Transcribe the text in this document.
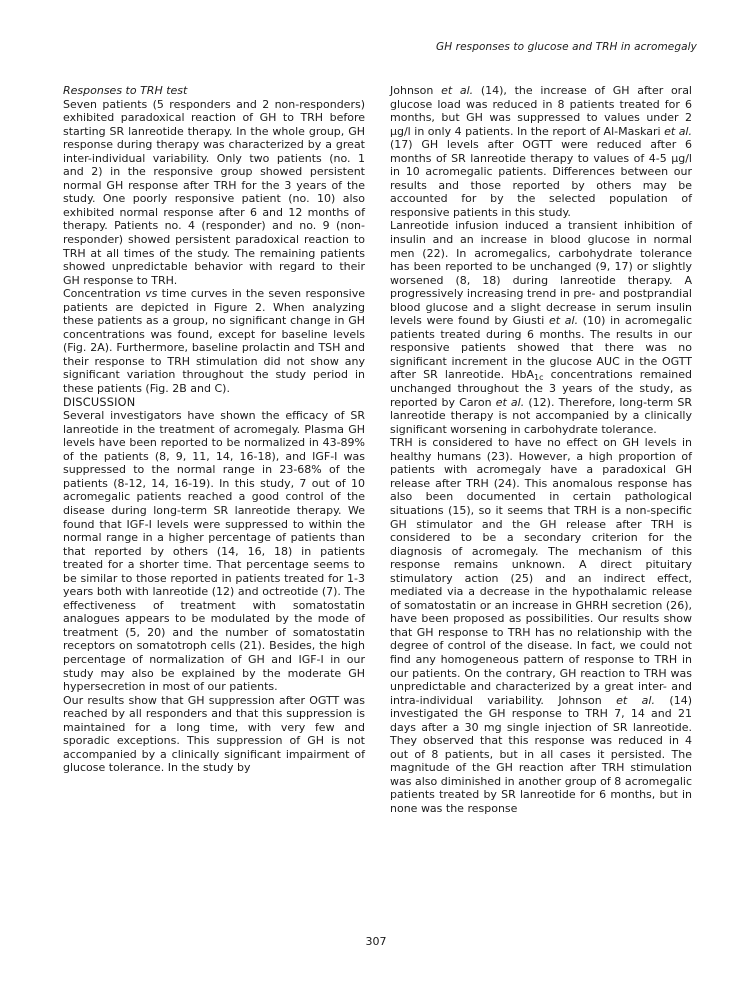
GH responses to glucose and TRH in acromegaly

Responses to TRH test

Seven patients (5 responders and 2 non-responders) exhibited paradoxical reaction of GH to TRH before starting SR lanreotide therapy. In the whole group, GH response during therapy was characterized by a great inter-individual variability. Only two patients (no. 1 and 2) in the responsive group showed persistent normal GH response after TRH for the 3 years of the study. One poorly responsive patient (no. 10) also exhibited normal response after 6 and 12 months of therapy. Patients no. 4 (responder) and no. 9 (non-responder) showed persistent paradoxical reaction to TRH at all times of the study. The remaining patients showed unpredictable behavior with regard to their GH response to TRH.

Concentration vs time curves in the seven responsive patients are depicted in Figure 2. When analyzing these patients as a group, no significant change in GH concentrations was found, except for baseline levels (Fig. 2A). Furthermore, baseline prolactin and TSH and their response to TRH stimulation did not show any significant variation throughout the study period in these patients (Fig. 2B and C).

DISCUSSION

Several investigators have shown the efficacy of SR lanreotide in the treatment of acromegaly. Plasma GH levels have been reported to be normalized in 43-89% of the patients (8, 9, 11, 14, 16-18), and IGF-I was suppressed to the normal range in 23-68% of the patients (8-12, 14, 16-19). In this study, 7 out of 10 acromegalic patients reached a good control of the disease during long-term SR lanreotide therapy. We found that IGF-I levels were suppressed to within the normal range in a higher percentage of patients than that reported by others (14, 16, 18) in patients treated for a shorter time. That percentage seems to be similar to those reported in patients treated for 1-3 years both with lanreotide (12) and octreotide (7). The effectiveness of treatment with somatostatin analogues appears to be modulated by the mode of treatment (5, 20) and the number of somatostatin receptors on somatotroph cells (21). Besides, the high percentage of normalization of GH and IGF-I in our study may also be explained by the moderate GH hypersecretion in most of our patients.

Our results show that GH suppression after OGTT was reached by all responders and that this suppression is maintained for a long time, with very few and sporadic exceptions. This suppression of GH is not accompanied by a clinically significant impairment of glucose tolerance. In the study by

Johnson et al. (14), the increase of GH after oral glucose load was reduced in 8 patients treated for 6 months, but GH was suppressed to values under 2 µg/l in only 4 patients. In the report of Al-Maskari et al. (17) GH levels after OGTT were reduced after 6 months of SR lanreotide therapy to values of 4-5 µg/l in 10 acromegalic patients. Differences between our results and those reported by others may be accounted for by the selected population of responsive patients in this study.

Lanreotide infusion induced a transient inhibition of insulin and an increase in blood glucose in normal men (22). In acromegalics, carbohydrate tolerance has been reported to be unchanged (9, 17) or slightly worsened (8, 18) during lanreotide therapy. A progressively increasing trend in pre- and postprandial blood glucose and a slight decrease in serum insulin levels were found by Giusti et al. (10) in acromegalic patients treated during 6 months. The results in our responsive patients showed that there was no significant increment in the glucose AUC in the OGTT after SR lanreotide. HbA$_{1c}$ concentrations remained unchanged throughout the 3 years of the study, as reported by Caron et al. (12). Therefore, long-term SR lanreotide therapy is not accompanied by a clinically significant worsening in carbohydrate tolerance.

TRH is considered to have no effect on GH levels in healthy humans (23). However, a high proportion of patients with acromegaly have a paradoxical GH release after TRH (24). This anomalous response has also been documented in certain pathological situations (15), so it seems that TRH is a non-specific GH stimulator and the GH release after TRH is considered to be a secondary criterion for the diagnosis of acromegaly. The mechanism of this response remains unknown. A direct pituitary stimulatory action (25) and an indirect effect, mediated via a decrease in the hypothalamic release of somatostatin or an increase in GHRH secretion (26), have been proposed as possibilities. Our results show that GH response to TRH has no relationship with the degree of control of the disease. In fact, we could not find any homogeneous pattern of response to TRH in our patients. On the contrary, GH reaction to TRH was unpredictable and characterized by a great inter- and intra-individual variability. Johnson et al. (14) investigated the GH response to TRH 7, 14 and 21 days after a 30 mg single injection of SR lanreotide. They observed that this response was reduced in 4 out of 8 patients, but in all cases it persisted. The magnitude of the GH reaction after TRH stimulation was also diminished in another group of 8 acromegalic patients treated by SR lanreotide for 6 months, but in none was the response

307
